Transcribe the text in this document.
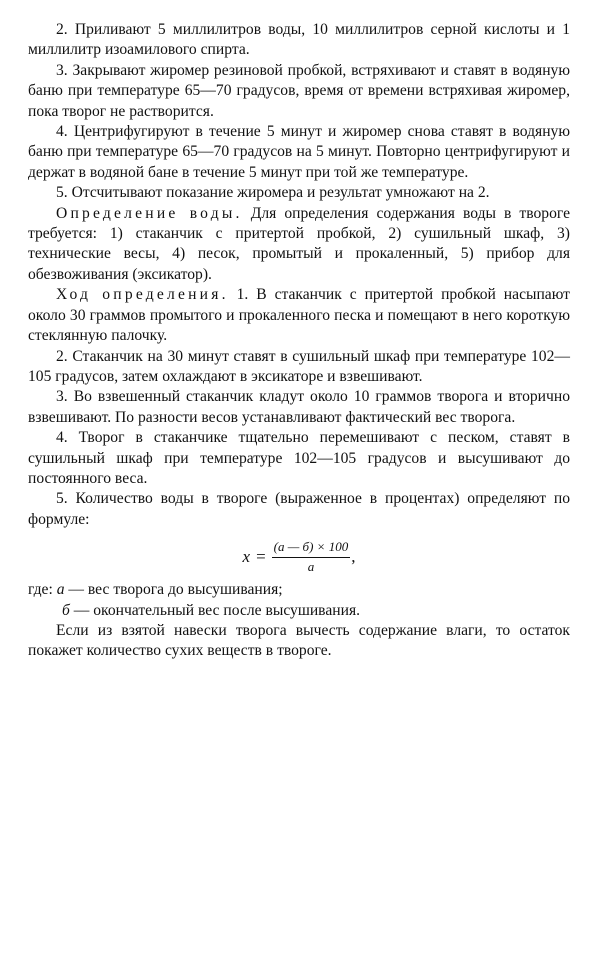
2. Приливают 5 миллилитров воды, 10 миллилитров серной кислоты и 1 миллилитр изоамилового спирта.

3. Закрывают жиромер резиновой пробкой, встряхивают и ставят в водяную баню при температуре 65—70 градусов, время от времени встряхивая жиромер, пока творог не растворится.

4. Центрифугируют в течение 5 минут и жиромер снова ставят в водяную баню при температуре 65—70 градусов на 5 минут. Повторно центрифугируют и держат в водяной бане в течение 5 минут при той же температуре.

5. Отсчитывают показание жиромера и результат умножают на 2.

Определение воды. Для определения содержания воды в твороге требуется: 1) стаканчик с притертой пробкой, 2) сушильный шкаф, 3) технические весы, 4) песок, промытый и прокаленный, 5) прибор для обезвоживания (эксикатор).

Ход определения. 1. В стаканчик с притертой пробкой насыпают около 30 граммов промытого и прокаленного песка и помещают в него короткую стеклянную палочку.

2. Стаканчик на 30 минут ставят в сушильный шкаф при температуре 102—105 градусов, затем охлаждают в эксикаторе и взвешивают.

3. Во взвешенный стаканчик кладут около 10 граммов творога и вторично взвешивают. По разности весов устанавливают фактический вес творога.

4. Творог в стаканчике тщательно перемешивают с песком, ставят в сушильный шкаф при температуре 102—105 градусов и высушивают до постоянного веса.

5. Количество воды в твороге (выраженное в процентах) определяют по формуле:

$x = \frac{(a — б) \times 100}{a}$ ,

где: a — вес творога до высушивания;

б — окончательный вес после высушивания.

Если из взятой навески творога вычесть содержание влаги, то остаток покажет количество сухих веществ в твороге.
